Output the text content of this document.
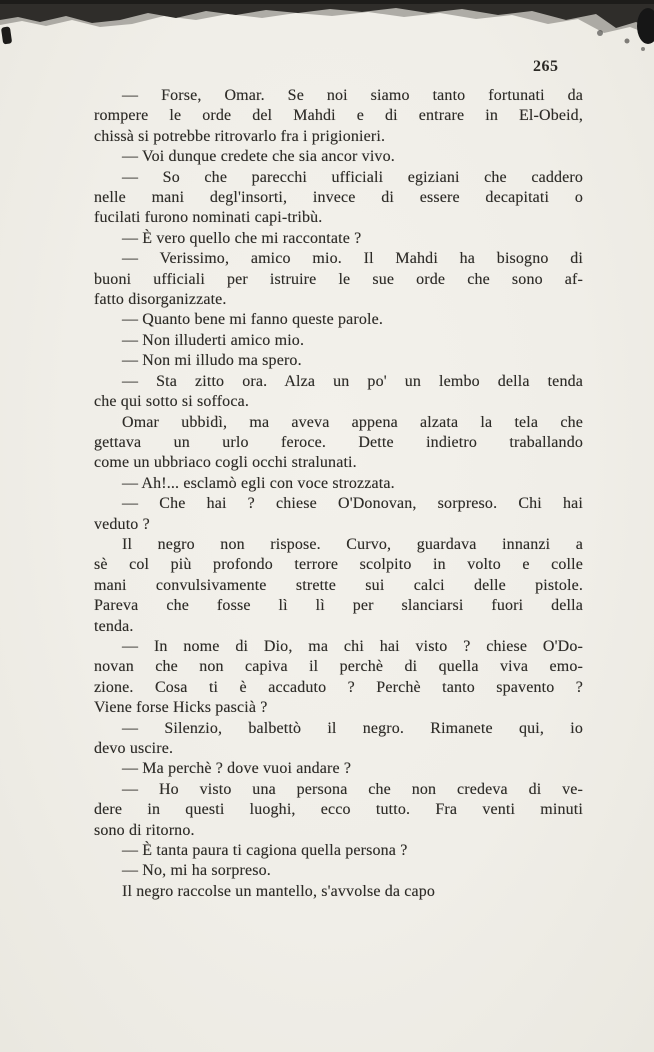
265
— Forse, Omar. Se noi siamo tanto fortunati da
rompere le orde del Mahdi e di entrare in El-Obeid,
chissà si potrebbe ritrovarlo fra i prigionieri.
— Voi dunque credete che sia ancor vivo.
— So che parecchi ufficiali egiziani che caddero
nelle mani degl'insorti, invece di essere decapitati o
fucilati furono nominati capi-tribù.
— È vero quello che mi raccontate ?
— Verissimo, amico mio. Il Mahdi ha bisogno di
buoni ufficiali per istruire le sue orde che sono af-
fatto disorganizzate.
— Quanto bene mi fanno queste parole.
— Non illuderti amico mio.
— Non mi illudo ma spero.
— Sta zitto ora. Alza un po' un lembo della tenda
che qui sotto si soffoca.
Omar ubbidì, ma aveva appena alzata la tela che
gettava un urlo feroce. Dette indietro traballando
come un ubbriaco cogli occhi stralunati.
— Ah!... esclamò egli con voce strozzata.
— Che hai ? chiese O'Donovan, sorpreso. Chi hai
veduto ?
Il negro non rispose. Curvo, guardava innanzi a
sè col più profondo terrore scolpito in volto e colle
mani convulsivamente strette sui calci delle pistole.
Pareva che fosse lì lì per slanciarsi fuori della
tenda.
— In nome di Dio, ma chi hai visto ? chiese O'Do-
novan che non capiva il perchè di quella viva emo-
zione. Cosa ti è accaduto ? Perchè tanto spavento ?
Viene forse Hicks pascià ?
— Silenzio, balbettò il negro. Rimanete qui, io
devo uscire.
— Ma perchè ? dove vuoi andare ?
— Ho visto una persona che non credeva di ve-
dere in questi luoghi, ecco tutto. Fra venti minuti
sono di ritorno.
— È tanta paura ti cagiona quella persona ?
— No, mi ha sorpreso.
Il negro raccolse un mantello, s'avvolse da capo
